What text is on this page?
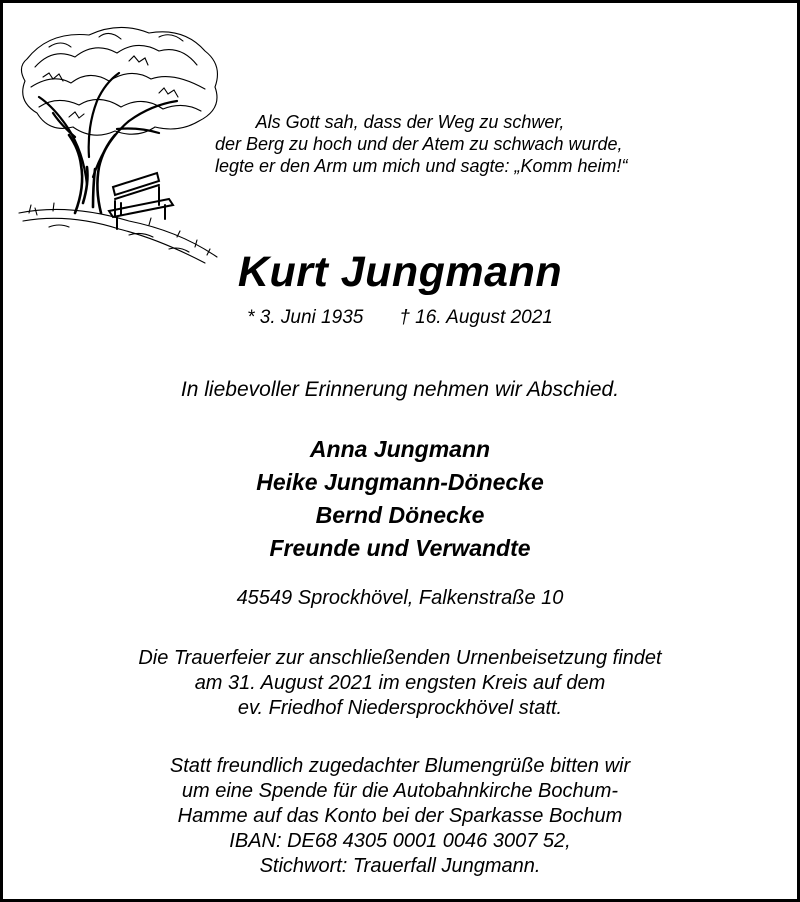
Als Gott sah, dass der Weg zu schwer,
der Berg zu hoch und der Atem zu schwach wurde,
legte er den Arm um mich und sagte: „Komm heim!“
Kurt Jungmann
* 3. Juni 1935 † 16. August 2021
In liebevoller Erinnerung nehmen wir Abschied.
Anna Jungmann
Heike Jungmann-Dönecke
Bernd Dönecke
Freunde und Verwandte
45549 Sprockhövel, Falkenstraße 10
Die Trauerfeier zur anschließenden Urnenbeisetzung findet
am 31. August 2021 im engsten Kreis auf dem
ev. Friedhof Niedersprockhövel statt.
Statt freundlich zugedachter Blumengrüße bitten wir
um eine Spende für die Autobahnkirche Bochum-
Hamme auf das Konto bei der Sparkasse Bochum
IBAN: DE68 4305 0001 0046 3007 52,
Stichwort: Trauerfall Jungmann.
